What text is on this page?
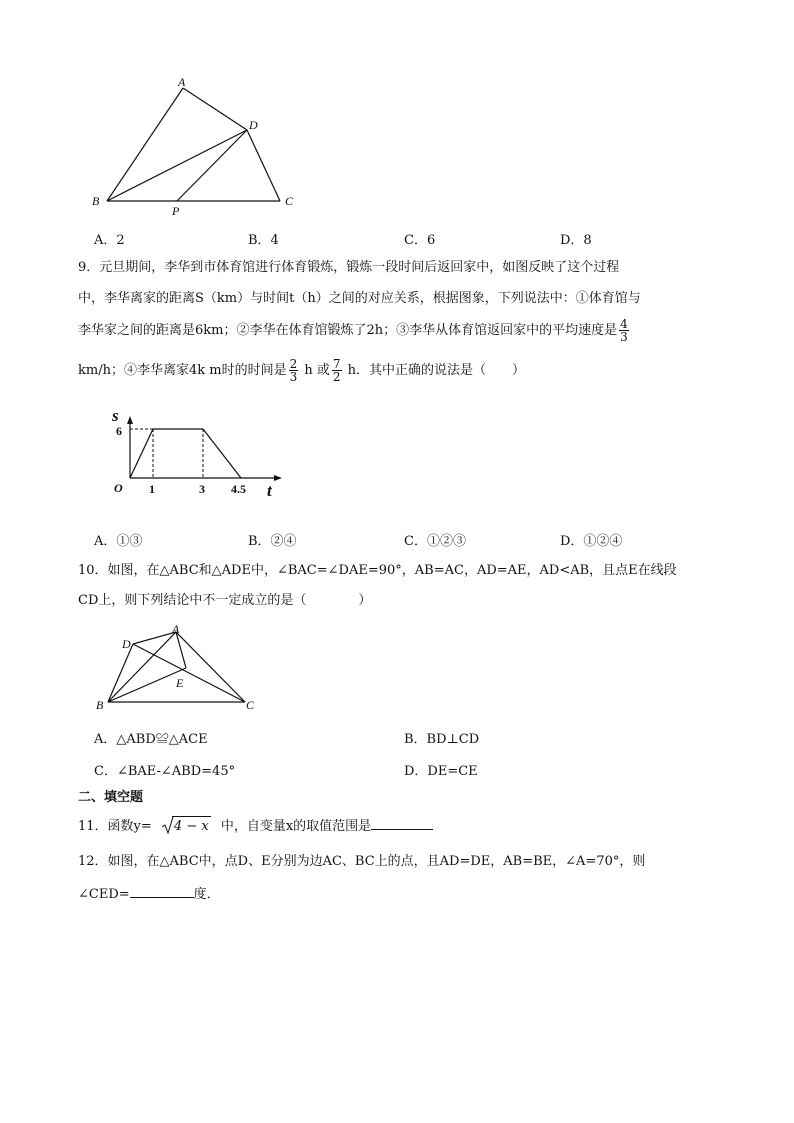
A
D
B	C
P
A．2	B．4	C．6	D．8
9．元旦期间，李华到市体育馆进行体育锻炼，锻炼一段时间后返回家中，如图反映了这个过程
中，李华离家的距离S（km）与时间t（h）之间的对应关系，根据图象，下列说法中：①体育馆与
李华家之间的距离是6km；②李华在体育馆锻炼了2h；③李华从体育馆返回家中的平均速度是 $\frac{4}{3}$
km/h；④李华离家4k m时的时间是 $\frac{2}{3}$ h 或 $\frac{7}{2}$ h．其中正确的说法是（　　）
s
6
O 1	3 4.5 t
A．①③	B．②④	C．①②③	D．①②④
10．如图，在△ABC和△ADE中，∠BAC=∠DAE=90°，AB=AC，AD=AE，AD<AB，且点E在线段
CD上，则下列结论中不一定成立的是（　　　　）
A
D
E
B	C
A．△ABD≌△ACE	B．BD⊥CD
C．∠BAE-∠ABD=45°	D．DE=CE
二、填空题
11．函数y= 4 − x 中，自变量x的取值范围是
12．如图，在△ABC中，点D、E分别为边AC、BC上的点，且AD=DE，AB=BE，∠A=70°，则
∠CED=	度．
